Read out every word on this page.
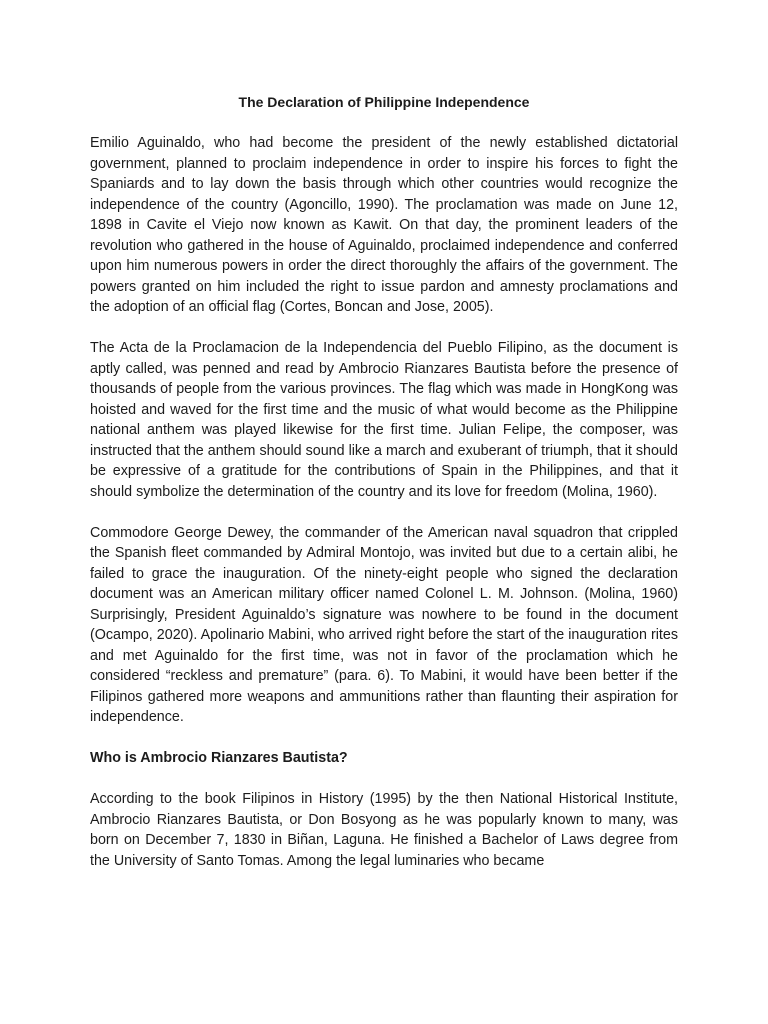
The Declaration of Philippine Independence

Emilio Aguinaldo, who had become the president of the newly established dictatorial government, planned to proclaim independence in order to inspire his forces to fight the Spaniards and to lay down the basis through which other countries would recognize the independence of the country (Agoncillo, 1990). The proclamation was made on June 12, 1898 in Cavite el Viejo now known as Kawit. On that day, the prominent leaders of the revolution who gathered in the house of Aguinaldo, proclaimed independence and conferred upon him numerous powers in order the direct thoroughly the affairs of the government. The powers granted on him included the right to issue pardon and amnesty proclamations and the adoption of an official flag (Cortes, Boncan and Jose, 2005).

The Acta de la Proclamacion de la Independencia del Pueblo Filipino, as the document is aptly called, was penned and read by Ambrocio Rianzares Bautista before the presence of thousands of people from the various provinces. The flag which was made in HongKong was hoisted and waved for the first time and the music of what would become as the Philippine national anthem was played likewise for the first time. Julian Felipe, the composer, was instructed that the anthem should sound like a march and exuberant of triumph, that it should be expressive of a gratitude for the contributions of Spain in the Philippines, and that it should symbolize the determination of the country and its love for freedom (Molina, 1960).

Commodore George Dewey, the commander of the American naval squadron that crippled the Spanish fleet commanded by Admiral Montojo, was invited but due to a certain alibi, he failed to grace the inauguration. Of the ninety-eight people who signed the declaration document was an American military officer named Colonel L. M. Johnson. (Molina, 1960) Surprisingly, President Aguinaldo’s signature was nowhere to be found in the document (Ocampo, 2020). Apolinario Mabini, who arrived right before the start of the inauguration rites and met Aguinaldo for the first time, was not in favor of the proclamation which he considered “reckless and premature” (para. 6). To Mabini, it would have been better if the Filipinos gathered more weapons and ammunitions rather than flaunting their aspiration for independence.

Who is Ambrocio Rianzares Bautista?

According to the book Filipinos in History (1995) by the then National Historical Institute, Ambrocio Rianzares Bautista, or Don Bosyong as he was popularly known to many, was born on December 7, 1830 in Biñan, Laguna. He finished a Bachelor of Laws degree from the University of Santo Tomas. Among the legal luminaries who became
